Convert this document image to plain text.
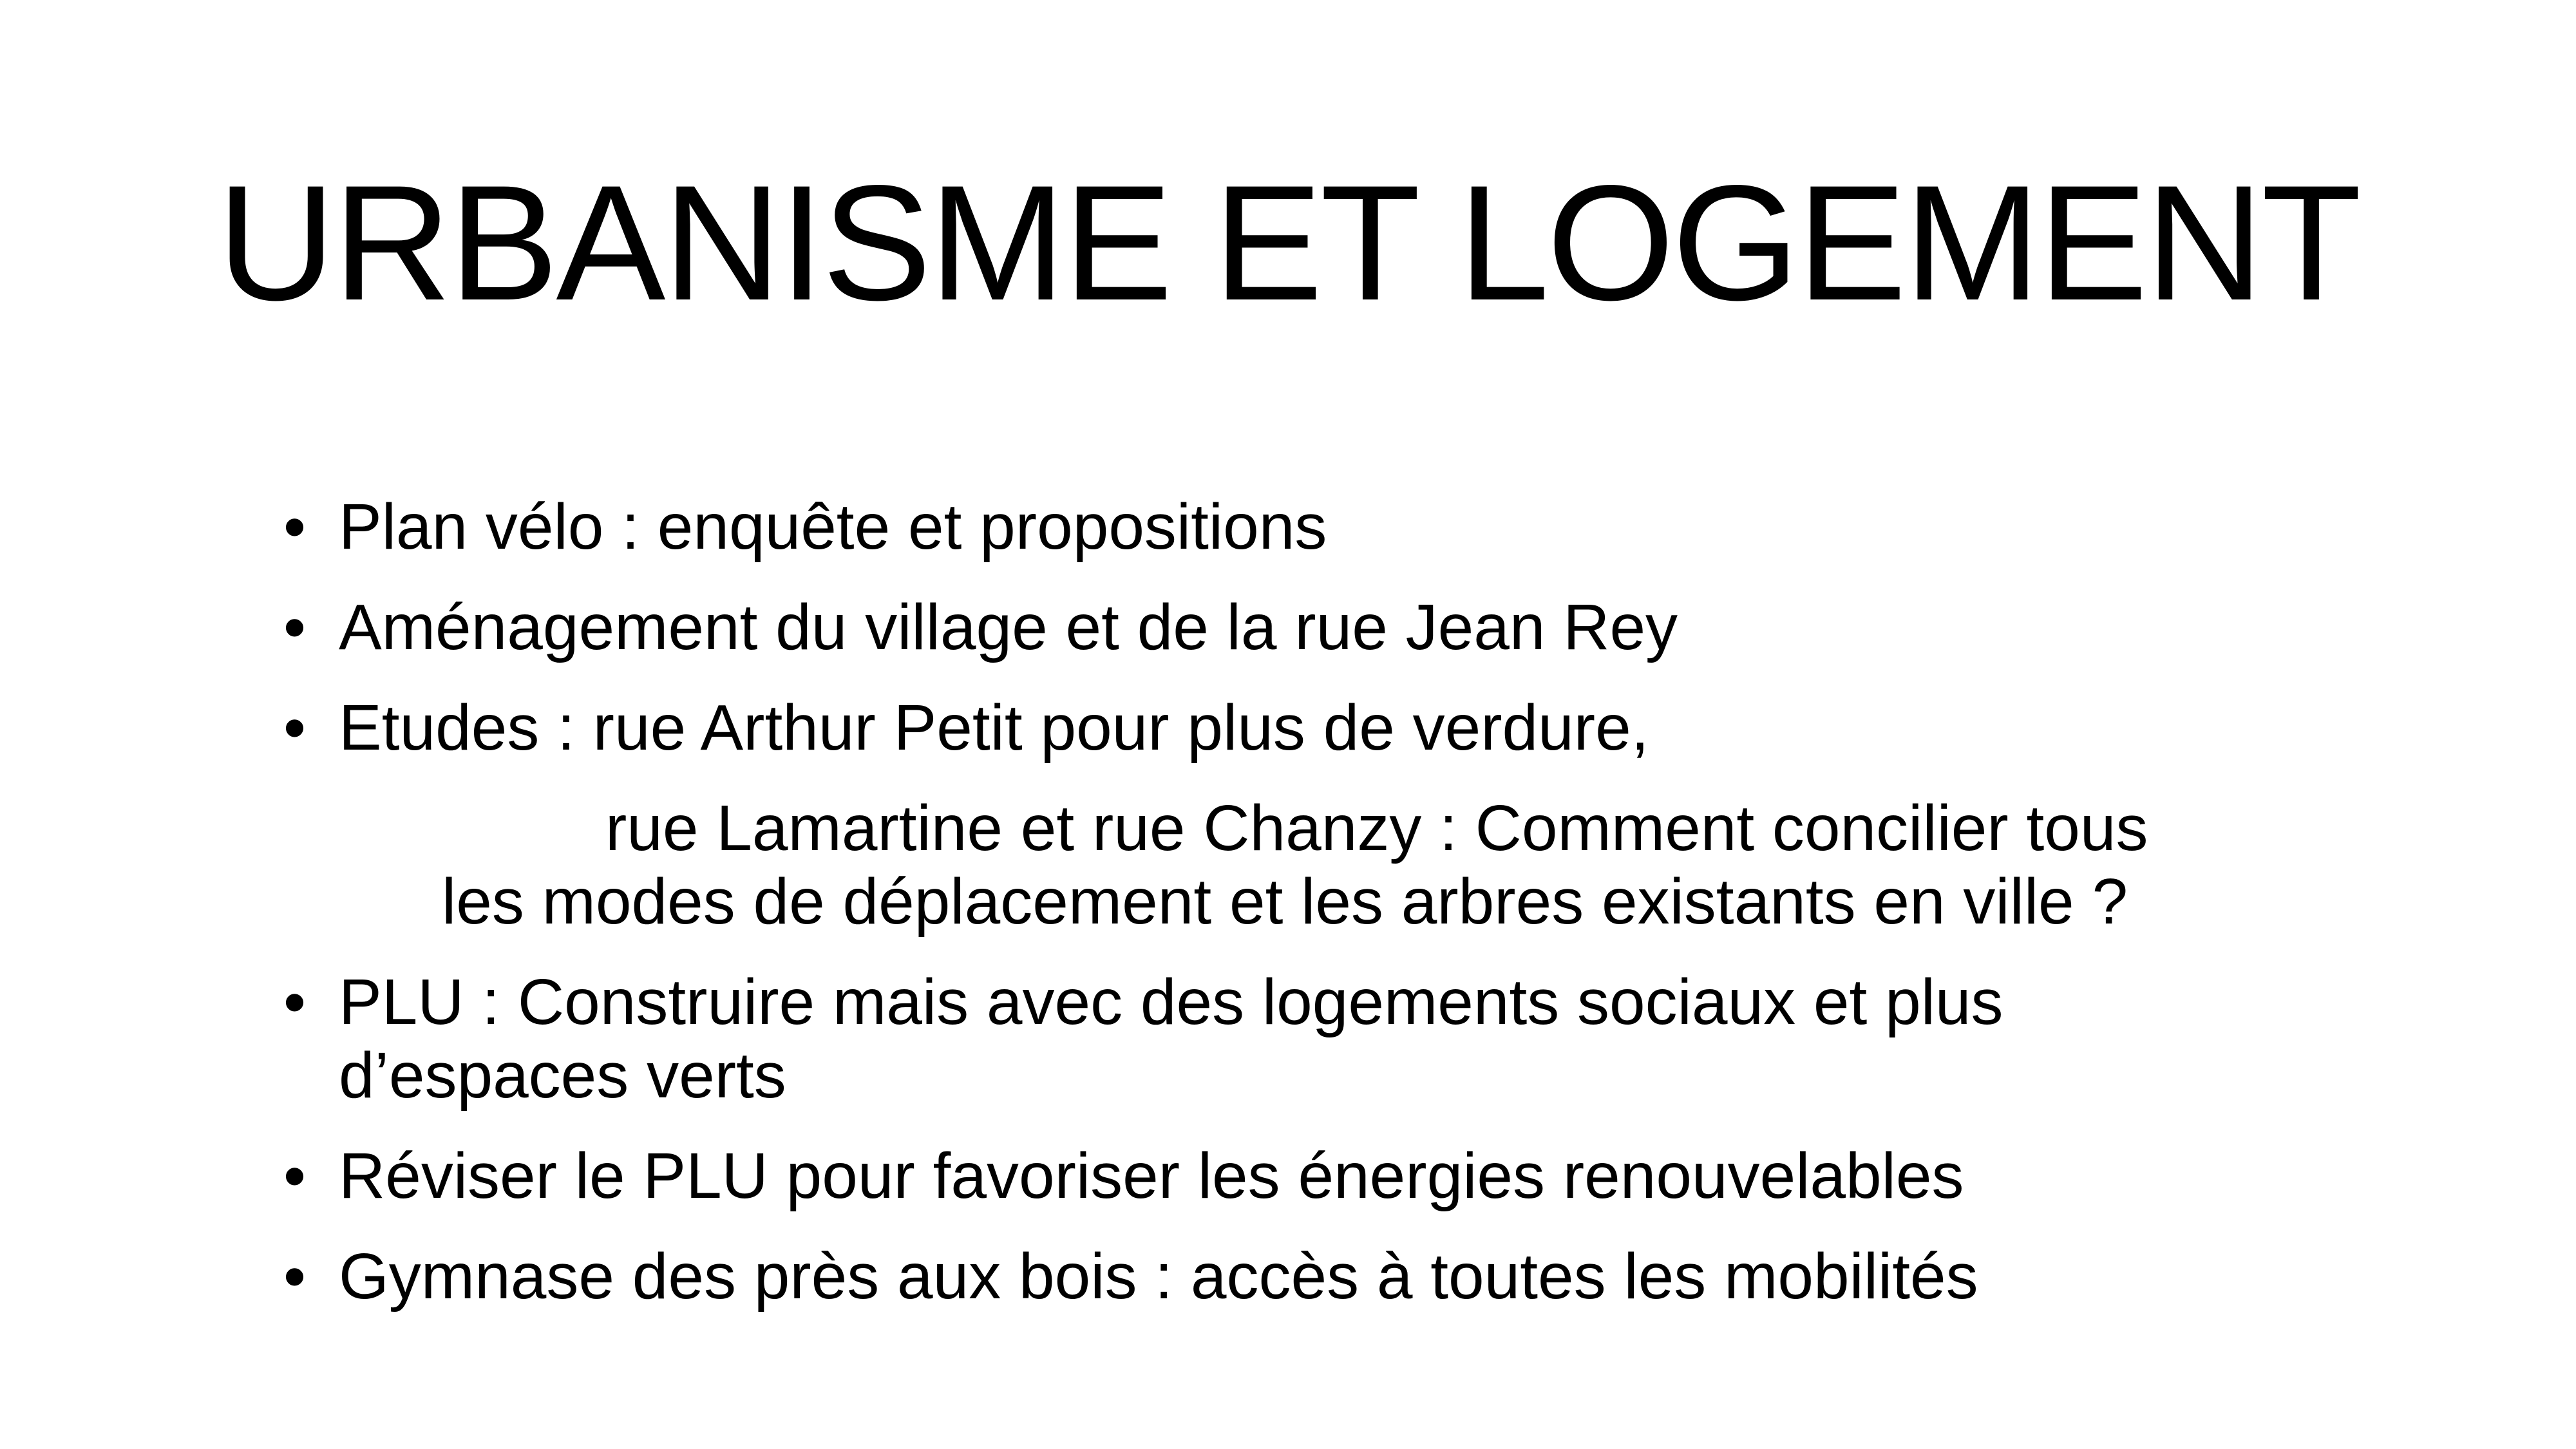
URBANISME ET LOGEMENT
• Plan vélo : enquête et propositions
• Aménagement du village et de la rue Jean Rey
• Etudes : rue Arthur Petit pour plus de verdure,
rue Lamartine et rue Chanzy : Comment concilier tous
les modes de déplacement et les arbres existants en ville ?
• PLU : Construire mais avec des logements sociaux et plus
d’espaces verts
• Réviser le PLU pour favoriser les énergies renouvelables
• Gymnase des près aux bois : accès à toutes les mobilités
